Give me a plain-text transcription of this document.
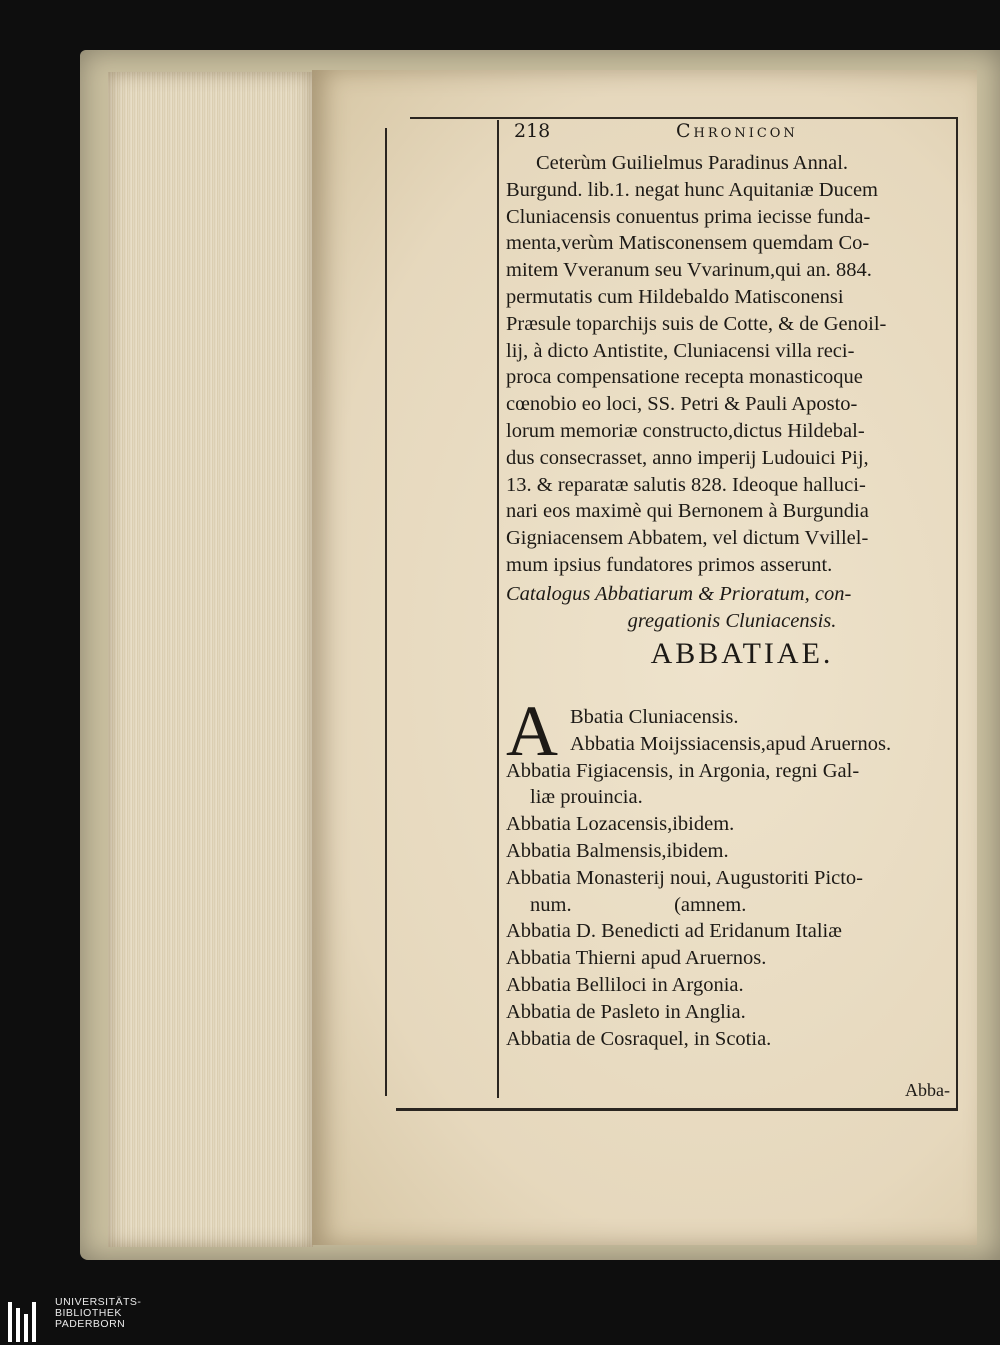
218	Chronicon
Ceterùm Guilielmus Paradinus Annal.
Burgund. lib.1. negat hunc Aquitaniæ Ducem
Cluniacensis conuentus prima iecisse funda-
menta,verùm Matisconensem quemdam Co-
mitem Vveranum seu Vvarinum,qui an. 884.
permutatis cum Hildebaldo Matisconensi
Præsule toparchijs suis de Cotte, & de Genoil-
lij, à dicto Antistite, Cluniacensi villa reci-
proca compensatione recepta monasticoque
cœnobio eo loci, SS. Petri & Pauli Aposto-
lorum memoriæ constructo,dictus Hildebal-
dus consecrasset, anno imperij Ludouici Pij,
13. & reparatæ salutis 828. Ideoque halluci-
nari eos maximè qui Bernonem à Burgundia
Gigniacensem Abbatem, vel dictum Vvillel-
mum ipsius fundatores primos asserunt.
Catalogus Abbatiarum & Prioratum, con-
gregationis Cluniacensis.
ABBATIAE.
A Bbatia Cluniacensis.
Abbatia Moijssiacensis,apud Aruernos.
Abbatia Figiacensis, in Argonia, regni Gal-
liæ prouincia.
Abbatia Lozacensis,ibidem.
Abbatia Balmensis,ibidem.
Abbatia Monasterij noui, Augustoriti Picto-
num.                    (amnem.
Abbatia D. Benedicti ad Eridanum Italiæ
Abbatia Thierni apud Aruernos.
Abbatia Belliloci in Argonia.
Abbatia de Pasleto in Anglia.
Abbatia de Cosraquel, in Scotia.
Abba-
UNIVERSITÄTS-
BIBLIOTHEK
PADERBORN
